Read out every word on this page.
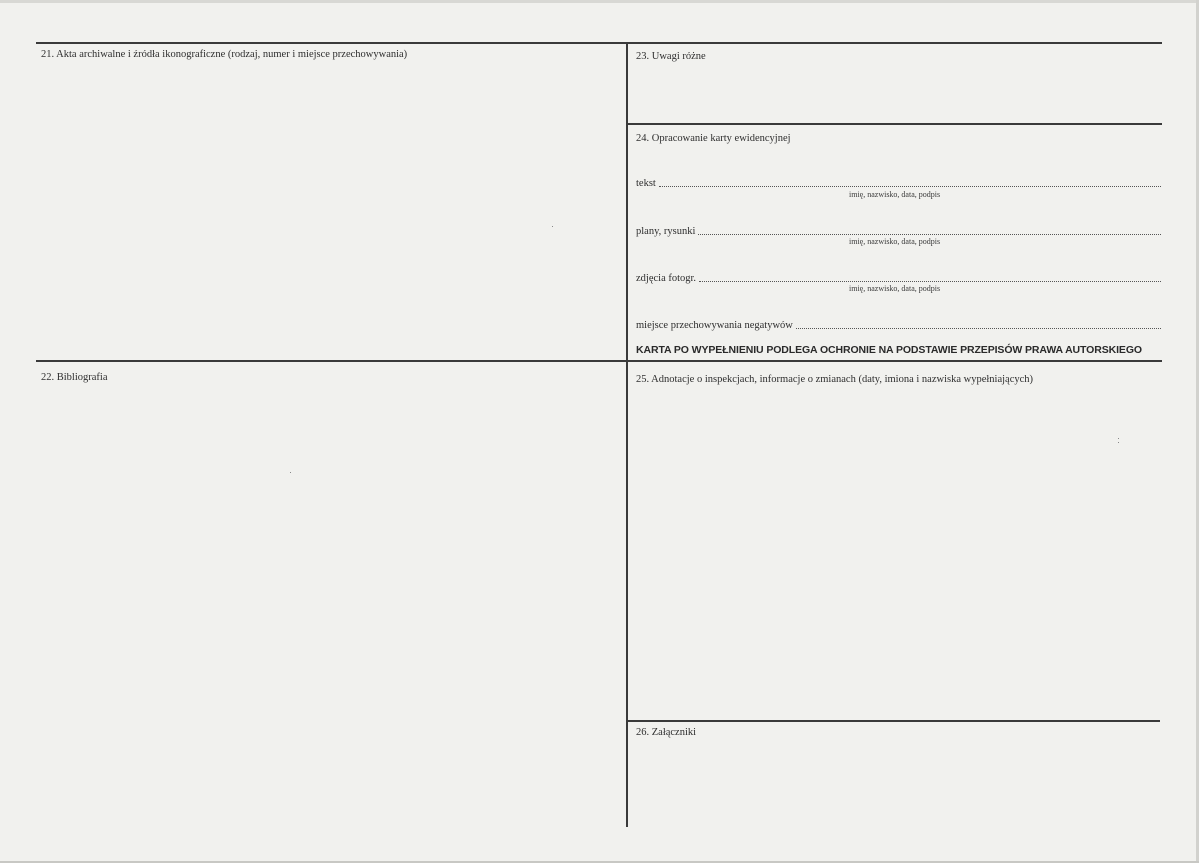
21. Akta archiwalne i źródła ikonograficzne (rodzaj, numer i miejsce przechowywania)	23. Uwagi różne
24. Opracowanie karty ewidencyjnej
tekst
imię, nazwisko, data, podpis
plany, rysunki
imię, nazwisko, data, podpis
zdjęcia fotogr.
imię, nazwisko, data, podpis
miejsce przechowywania negatywów
KARTA PO WYPEŁNIENIU PODLEGA OCHRONIE NA PODSTAWIE PRZEPISÓW PRAWA AUTORSKIEGO
22. Bibliografia	25. Adnotacje o inspekcjach, informacje o zmianach (daty, imiona i nazwiska wypełniających)
26. Załączniki
